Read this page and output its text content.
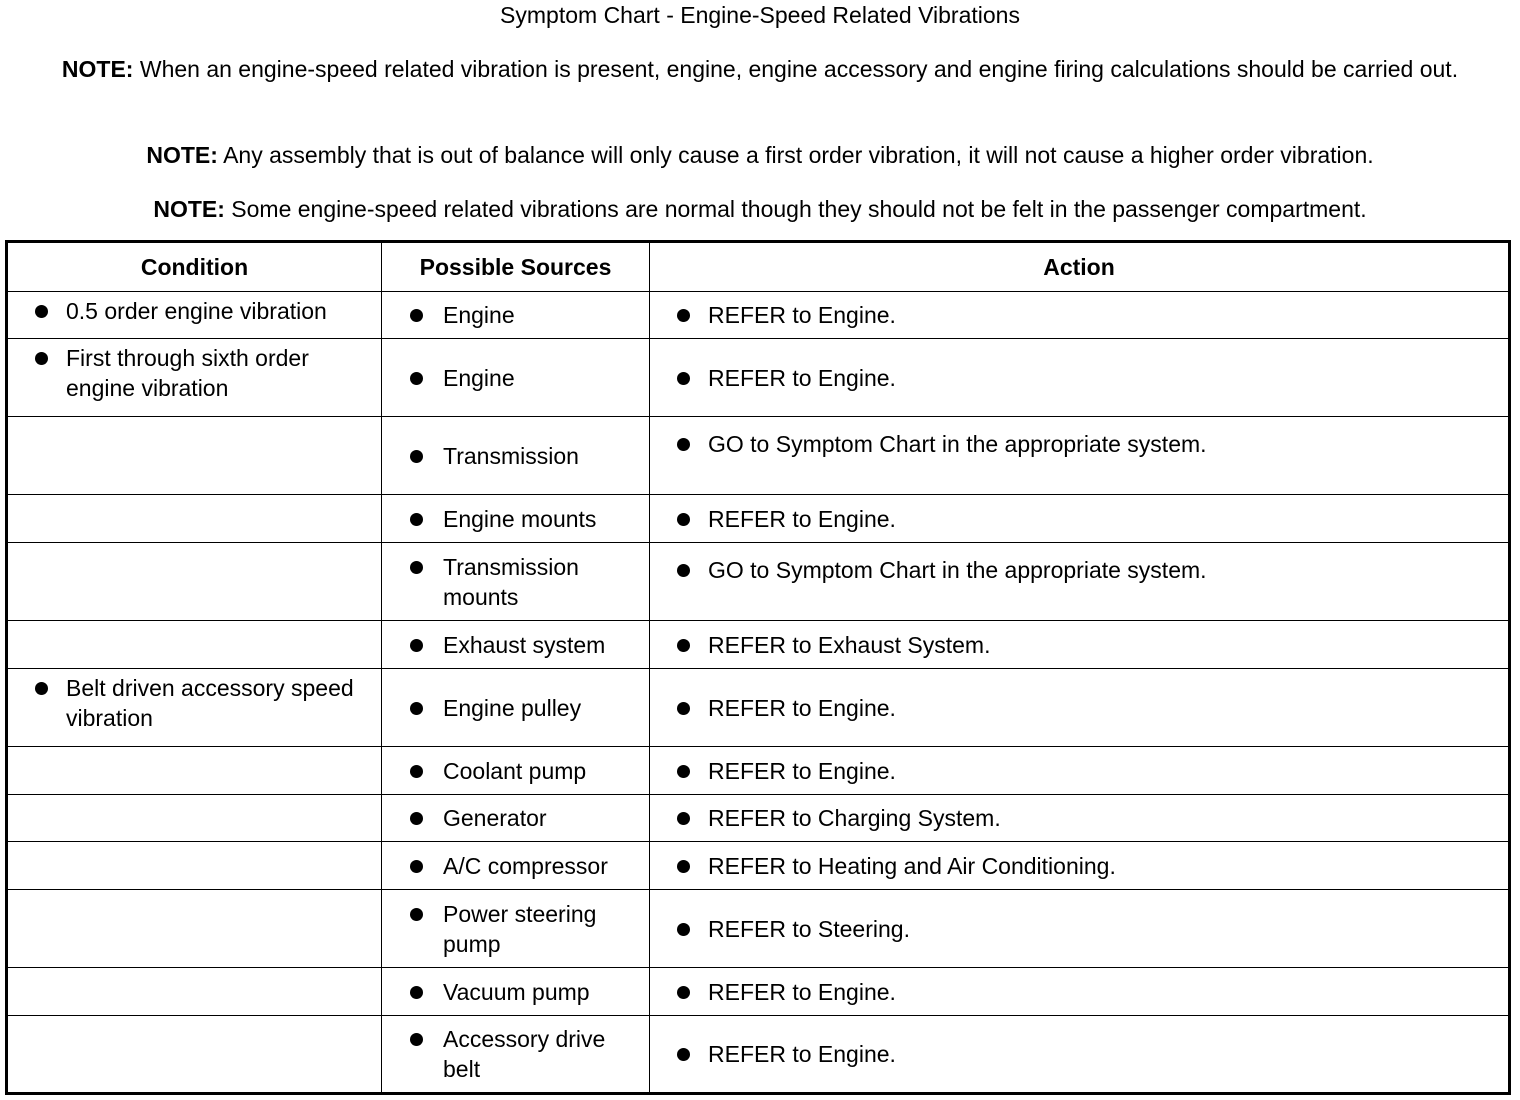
Symptom Chart - Engine-Speed Related Vibrations
NOTE: When an engine-speed related vibration is present, engine, engine accessory and engine firing calculations should be carried out.
NOTE: Any assembly that is out of balance will only cause a first order vibration, it will not cause a higher order vibration.
NOTE: Some engine-speed related vibrations are normal though they should not be felt in the passenger compartment.
Condition	Possible Sources	Action

0.5 order engine vibration	Engine	REFER to Engine.

First through sixth order engine vibration	Engine	REFER to Engine.

	Transmission	GO to Symptom Chart in the appropriate system.

	Engine mounts	REFER to Engine.

	Transmission mounts	GO to Symptom Chart in the appropriate system.

	Exhaust system	REFER to Exhaust System.

Belt driven accessory speed vibration	Engine pulley	REFER to Engine.

	Coolant pump	REFER to Engine.

	Generator	REFER to Charging System.

	A/C compressor	REFER to Heating and Air Conditioning.

	Power steering pump	REFER to Steering.

	Vacuum pump	REFER to Engine.

	Accessory drive belt	REFER to Engine.
